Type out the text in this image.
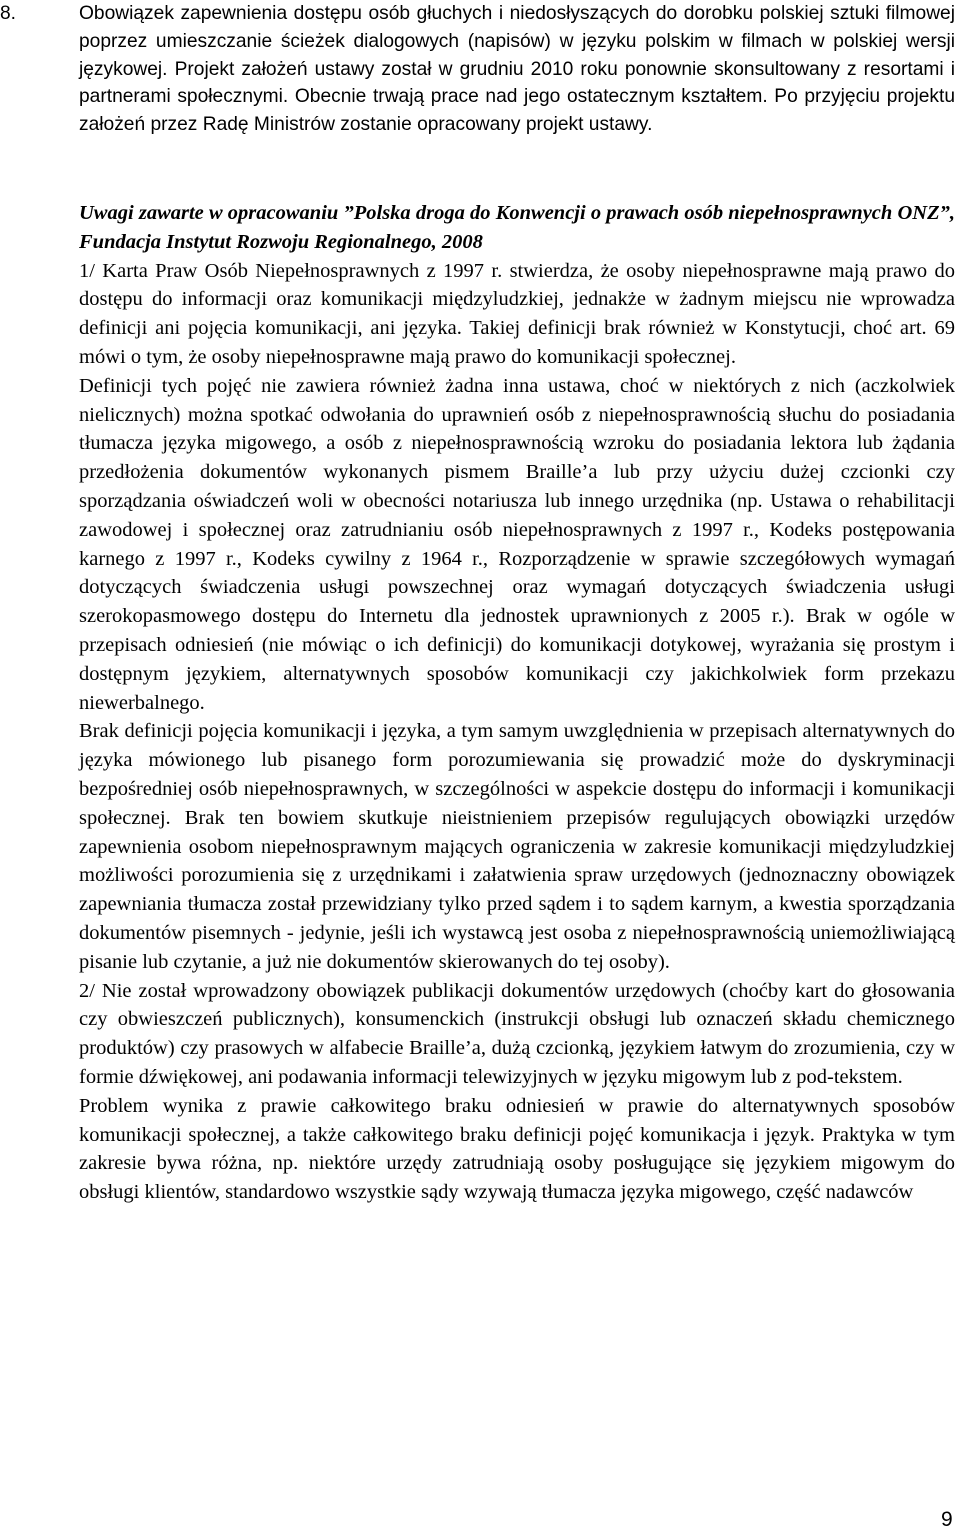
8.	Obowiązek zapewnienia dostępu osób głuchych i niedosłyszących do dorobku polskiej sztuki filmowej poprzez umieszczanie ścieżek dialogowych (napisów) w języku polskim w filmach w polskiej wersji językowej. Projekt założeń ustawy został w grudniu 2010 roku ponownie skonsultowany z resortami i partnerami społecznymi. Obecnie trwają prace nad jego ostatecznym kształtem. Po przyjęciu projektu założeń przez Radę Ministrów zostanie opracowany projekt ustawy.

Uwagi zawarte w opracowaniu ”Polska droga do Konwencji o prawach osób niepełnosprawnych ONZ”, Fundacja Instytut Rozwoju Regionalnego, 2008

1/ Karta Praw Osób Niepełnosprawnych z 1997 r. stwierdza, że osoby niepełnosprawne mają prawo do dostępu do informacji oraz komunikacji międzyludzkiej, jednakże w żadnym miejscu nie wprowadza definicji ani pojęcia komunikacji, ani języka. Takiej definicji brak również w Konstytucji, choć art. 69 mówi o tym, że osoby niepełnosprawne mają prawo do komunikacji społecznej.

Definicji tych pojęć nie zawiera również żadna inna ustawa, choć w niektórych z nich (aczkolwiek nielicznych) można spotkać odwołania do uprawnień osób z niepełnosprawnością słuchu do posiadania tłumacza języka migowego, a osób z niepełnosprawnością wzroku do posiadania lektora lub żądania przedłożenia dokumentów wykonanych pismem Braille’a lub przy użyciu dużej czcionki czy sporządzania oświadczeń woli w obecności notariusza lub innego urzędnika (np. Ustawa o rehabilitacji zawodowej i społecznej oraz zatrudnianiu osób niepełnosprawnych z 1997 r., Kodeks postępowania karnego z 1997 r., Kodeks cywilny z 1964 r., Rozporządzenie w sprawie szczegółowych wymagań dotyczących świadczenia usługi powszechnej oraz wymagań dotyczących świadczenia usługi szerokopasmowego dostępu do Internetu dla jednostek uprawnionych z 2005 r.). Brak w ogóle w przepisach odniesień (nie mówiąc o ich definicji) do komunikacji dotykowej, wyrażania się prostym i dostępnym językiem, alternatywnych sposobów komunikacji czy jakichkolwiek form przekazu niewerbalnego.

Brak definicji pojęcia komunikacji i języka, a tym samym uwzględnienia w przepisach alternatywnych do języka mówionego lub pisanego form porozumiewania się prowadzić może do dyskryminacji bezpośredniej osób niepełnosprawnych, w szczególności w aspekcie dostępu do informacji i komunikacji społecznej. Brak ten bowiem skutkuje nieistnieniem przepisów regulujących obowiązki urzędów zapewnienia osobom niepełnosprawnym mających ograniczenia w zakresie komunikacji międzyludzkiej możliwości porozumienia się z urzędnikami i załatwienia spraw urzędowych (jednoznaczny obowiązek zapewniania tłumacza został przewidziany tylko przed sądem i to sądem karnym, a kwestia sporządzania dokumentów pisemnych - jedynie, jeśli ich wystawcą jest osoba z niepełnosprawnością uniemożliwiającą pisanie lub czytanie, a już nie dokumentów skierowanych do tej osoby).

2/ Nie został wprowadzony obowiązek publikacji dokumentów urzędowych (choćby kart do głosowania czy obwieszczeń publicznych), konsumenckich (instrukcji obsługi lub oznaczeń składu chemicznego produktów) czy prasowych w alfabecie Braille’a, dużą czcionką, językiem łatwym do zrozumienia, czy w formie dźwiękowej, ani podawania informacji telewizyjnych w języku migowym lub z pod-tekstem.

Problem wynika z prawie całkowitego braku odniesień w prawie do alternatywnych sposobów komunikacji społecznej, a także całkowitego braku definicji pojęć komunikacja i język. Praktyka w tym zakresie bywa różna, np. niektóre urzędy zatrudniają osoby posługujące się językiem migowym do obsługi klientów, standardowo wszystkie sądy wzywają tłumacza języka migowego, część nadawców

9
